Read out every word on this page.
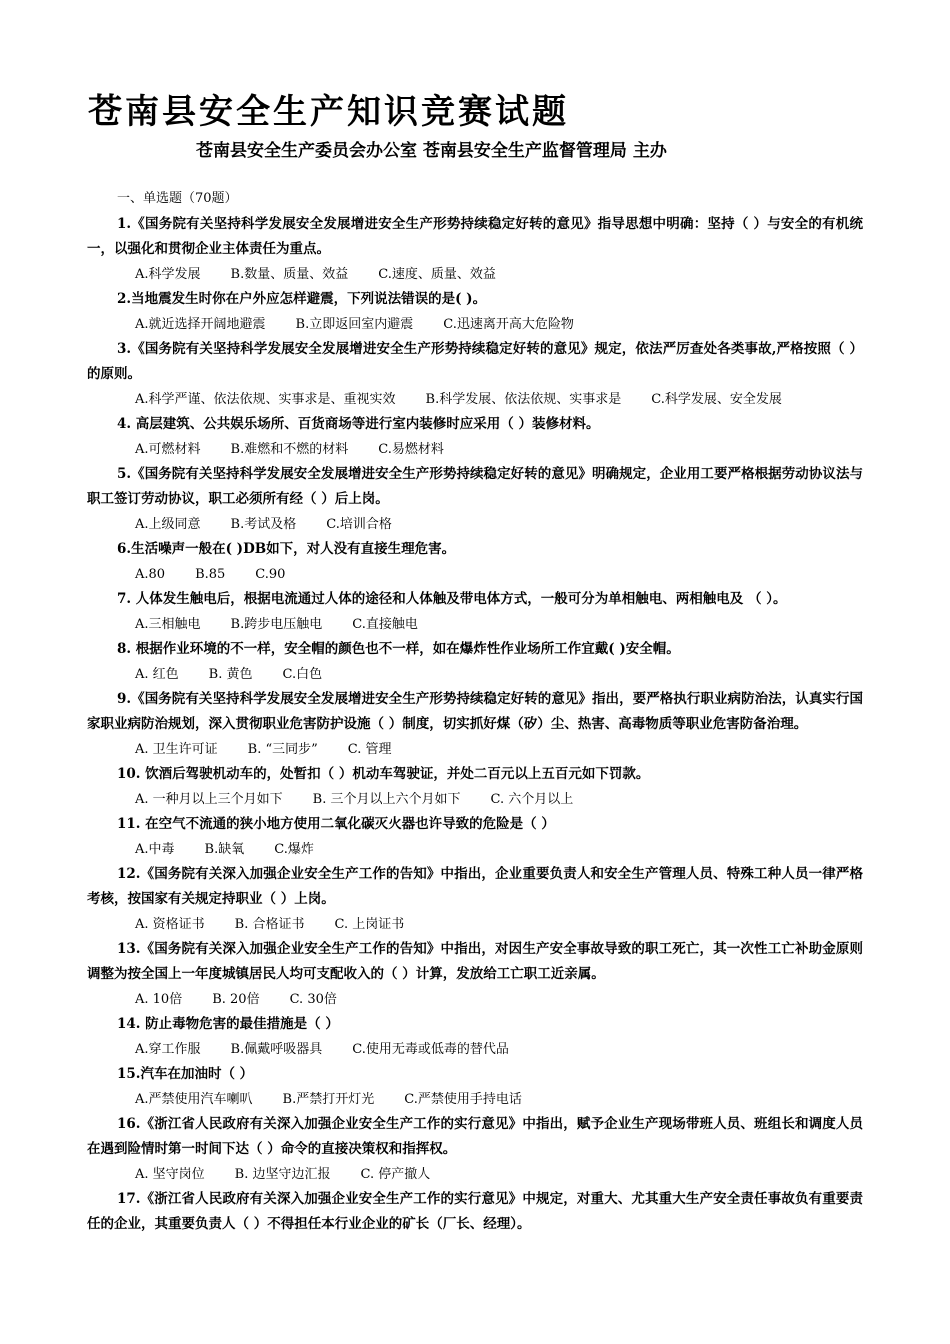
苍南县安全生产知识竞赛试题
苍南县安全生产委员会办公室 苍南县安全生产监督管理局 主办
一、单选题（70题）
1.《国务院有关坚持科学发展安全发展增进安全生产形势持续稳定好转的意见》指导思想中明确：坚持（ ）与安全的有机统一，以强化和贯彻企业主体责任为重点。
A.科学发展 B.数量、质量、效益 C.速度、质量、效益
2.当地震发生时你在户外应怎样避震，下列说法错误的是( )。
A.就近选择开阔地避震 B.立即返回室内避震 C.迅速离开高大危险物
3.《国务院有关坚持科学发展安全发展增进安全生产形势持续稳定好转的意见》规定，依法严厉查处各类事故,严格按照（ ）的原则。
A.科学严谨、依法依规、实事求是、重视实效 B.科学发展、依法依规、实事求是 C.科学发展、安全发展
4. 高层建筑、公共娱乐场所、百货商场等进行室内装修时应采用（ ）装修材料。
A.可燃材料 B.难燃和不燃的材料 C.易燃材料
5.《国务院有关坚持科学发展安全发展增进安全生产形势持续稳定好转的意见》明确规定，企业用工要严格根据劳动协议法与职工签订劳动协议，职工必须所有经（ ）后上岗。
A.上级同意 B.考试及格 C.培训合格
6.生活噪声一般在( )DB如下，对人没有直接生理危害。
A.80 B.85 C.90
7. 人体发生触电后，根据电流通过人体的途径和人体触及带电体方式，一般可分为单相触电、两相触电及 （ ）。
A.三相触电 B.跨步电压触电 C.直接触电
8. 根据作业环境的不一样，安全帽的颜色也不一样，如在爆炸性作业场所工作宜戴( )安全帽。
A. 红色 B. 黄色 C.白色
9.《国务院有关坚持科学发展安全发展增进安全生产形势持续稳定好转的意见》指出，要严格执行职业病防治法，认真实行国家职业病防治规划，深入贯彻职业危害防护设施（ ）制度，切实抓好煤（矽）尘、热害、高毒物质等职业危害防备治理。
A. 卫生许可证 B. “三同步” C. 管理
10. 饮酒后驾驶机动车的，处暂扣（ ）机动车驾驶证，并处二百元以上五百元如下罚款。
A. 一种月以上三个月如下 B. 三个月以上六个月如下 C. 六个月以上
11. 在空气不流通的狭小地方使用二氧化碳灭火器也许导致的危险是（ ）
A.中毒 B.缺氧 C.爆炸
12.《国务院有关深入加强企业安全生产工作的告知》中指出，企业重要负责人和安全生产管理人员、特殊工种人员一律严格考核，按国家有关规定持职业（ ）上岗。
A. 资格证书 B. 合格证书 C. 上岗证书
13.《国务院有关深入加强企业安全生产工作的告知》中指出，对因生产安全事故导致的职工死亡，其一次性工亡补助金原则调整为按全国上一年度城镇居民人均可支配收入的（ ）计算，发放给工亡职工近亲属。
A. 10倍 B. 20倍 C. 30倍
14. 防止毒物危害的最佳措施是（ ）
A.穿工作服 B.佩戴呼吸器具 C.使用无毒或低毒的替代品
15.汽车在加油时（ ）
A.严禁使用汽车喇叭 B.严禁打开灯光 C.严禁使用手持电话
16.《浙江省人民政府有关深入加强企业安全生产工作的实行意见》中指出，赋予企业生产现场带班人员、班组长和调度人员在遇到险情时第一时间下达（ ）命令的直接决策权和指挥权。
A. 坚守岗位 B. 边坚守边汇报 C. 停产撤人
17.《浙江省人民政府有关深入加强企业安全生产工作的实行意见》中规定，对重大、尤其重大生产安全责任事故负有重要责任的企业，其重要负责人（ ）不得担任本行业企业的矿长（厂长、经理）。
